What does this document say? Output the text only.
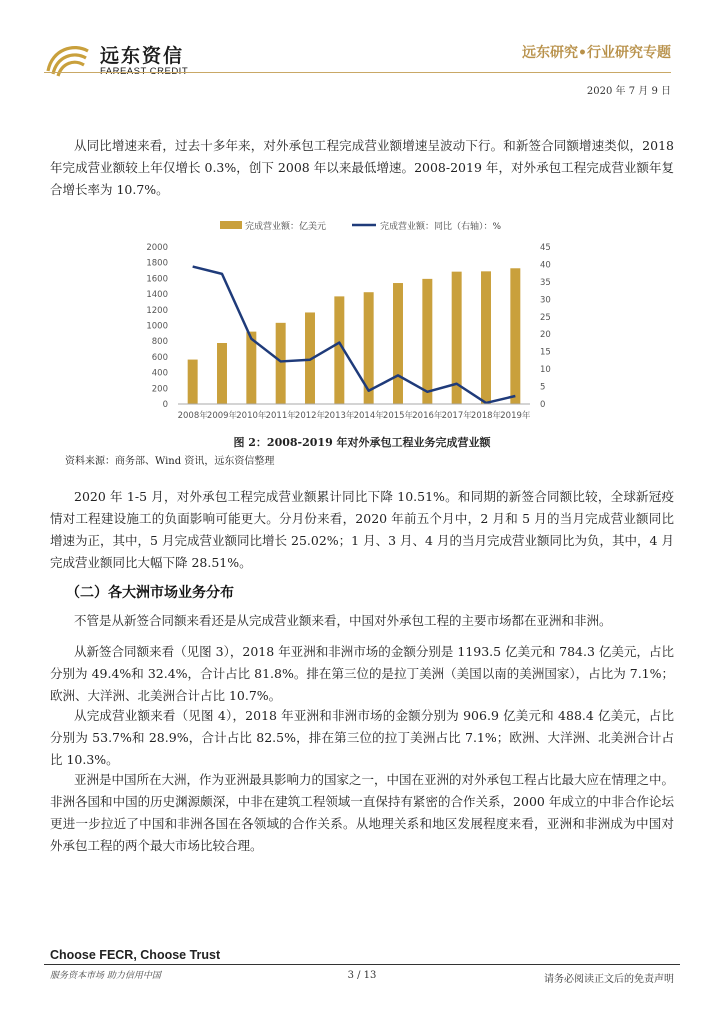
远东资信
FAREAST CREDIT
远东研究•行业研究专题
2020 年 7 月 9 日

从同比增速来看，过去十多年来，对外承包工程完成营业额增速呈波动下行。和新签合同额增速类似，2018年完成营业额较上年仅增长 0.3%，创下 2008 年以来最低增速。2008-2019 年，对外承包工程完成营业额年复合增长率为 10.7%。

完成营业额：亿美元	完成营业额：同比（右轴）：%
0
200
400
600
800
1000
1200
1400
1600
1800
2000
0
5
10
15
20
25
30
35
40
45
2008年 2009年 2010年 2011年 2012年 2013年 2014年 2015年 2016年 2017年 2018年 2019年
图 2：2008-2019 年对外承包工程业务完成营业额
资料来源：商务部、Wind 资讯，远东资信整理

2020 年 1-5 月，对外承包工程完成营业额累计同比下降 10.51%。和同期的新签合同额比较，全球新冠疫情对工程建设施工的负面影响可能更大。分月份来看，2020 年前五个月中，2 月和 5 月的当月完成营业额同比增速为正，其中，5 月完成营业额同比增长 25.02%；1 月、3 月、4 月的当月完成营业额同比为负，其中，4 月完成营业额同比大幅下降 28.51%。

（二）各大洲市场业务分布

不管是从新签合同额来看还是从完成营业额来看，中国对外承包工程的主要市场都在亚洲和非洲。

从新签合同额来看（见图 3），2018 年亚洲和非洲市场的金额分别是 1193.5 亿美元和 784.3 亿美元，占比分别为 49.4%和 32.4%，合计占比 81.8%。排在第三位的是拉丁美洲（美国以南的美洲国家），占比为 7.1%；欧洲、大洋洲、北美洲合计占比 10.7%。

从完成营业额来看（见图 4），2018 年亚洲和非洲市场的金额分别为 906.9 亿美元和 488.4 亿美元，占比分别为 53.7%和 28.9%，合计占比 82.5%，排在第三位的拉丁美洲占比 7.1%；欧洲、大洋洲、北美洲合计占比 10.3%。

亚洲是中国所在大洲，作为亚洲最具影响力的国家之一，中国在亚洲的对外承包工程占比最大应在情理之中。非洲各国和中国的历史渊源颇深，中非在建筑工程领域一直保持有紧密的合作关系，2000 年成立的中非合作论坛更进一步拉近了中国和非洲各国在各领域的合作关系。从地理关系和地区发展程度来看，亚洲和非洲成为中国对外承包工程的两个最大市场比较合理。

Choose FECR, Choose Trust
服务资本市场 助力信用中国	3 / 13	请务必阅读正文后的免责声明
